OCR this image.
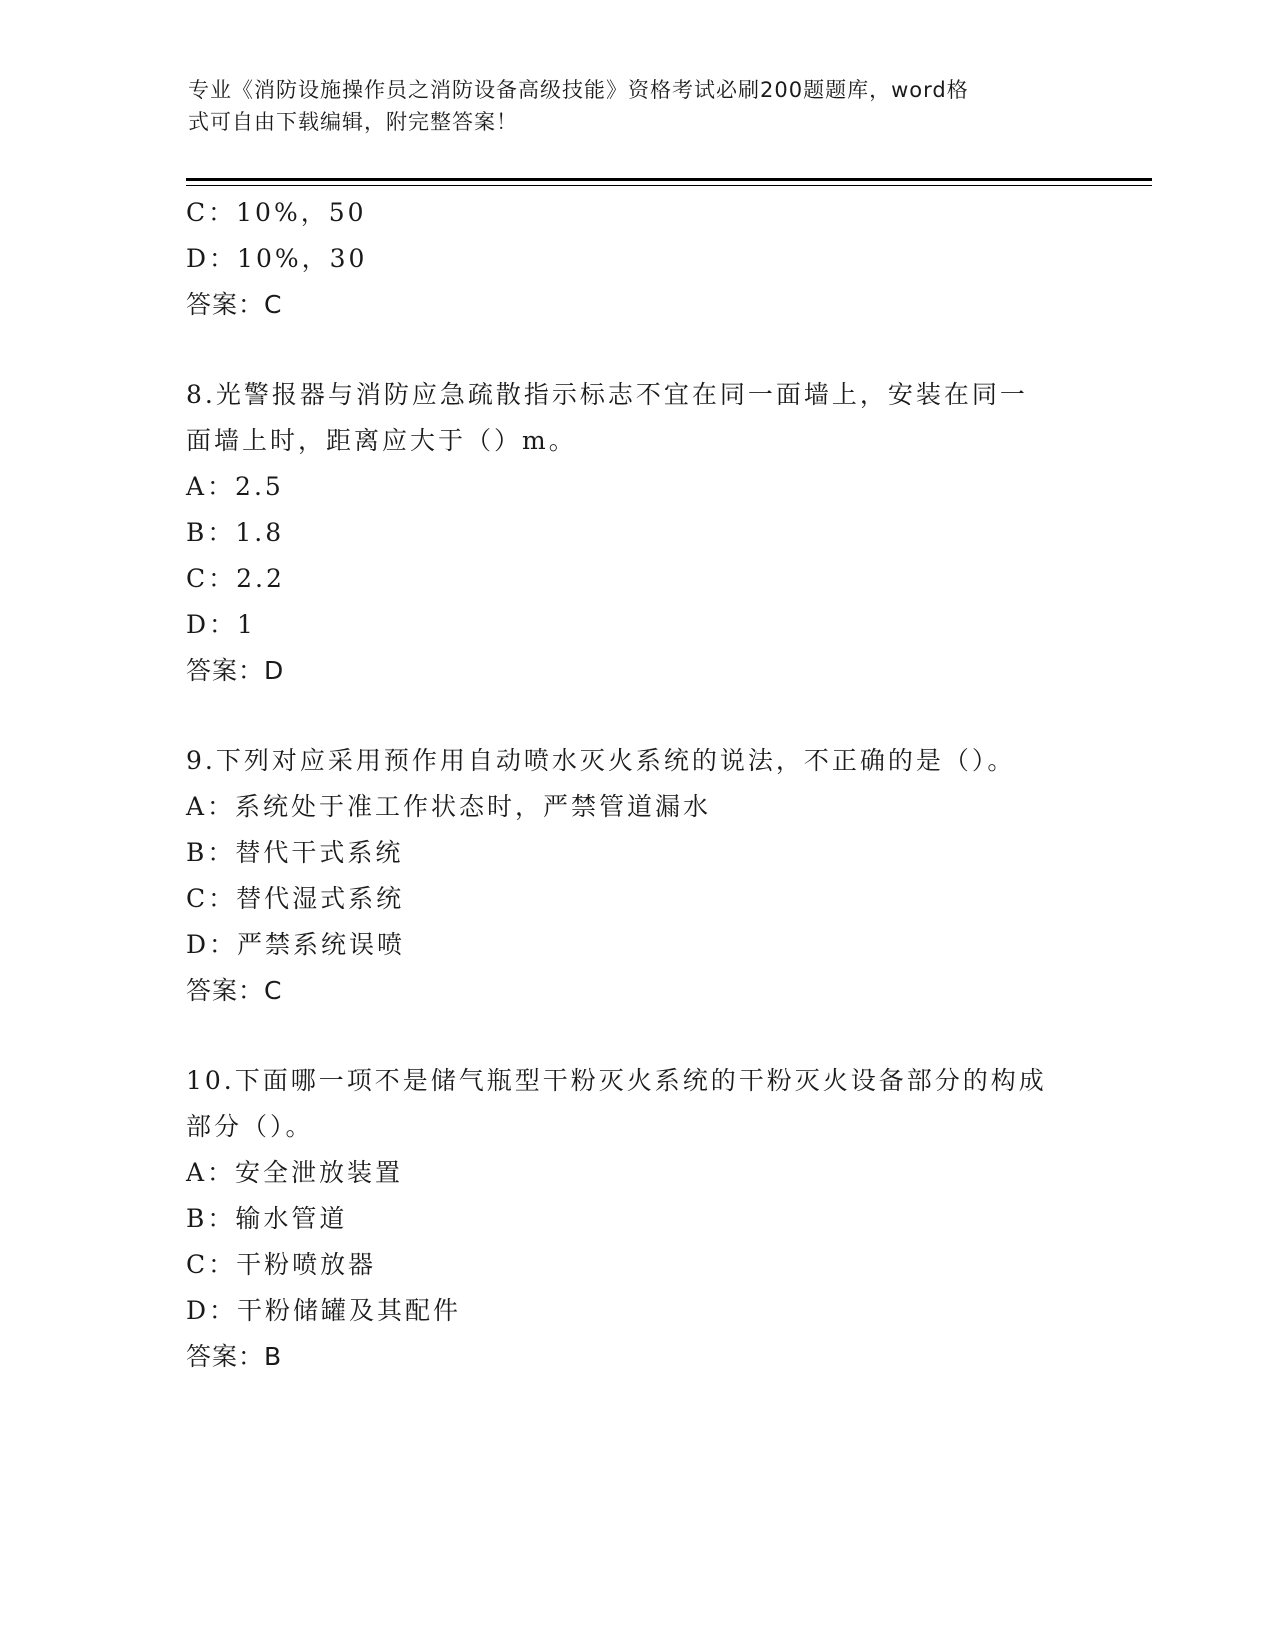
专业《消防设施操作员之消防设备高级技能》资格考试必刷200题题库，word格
式可自由下载编辑，附完整答案！
C：10%，50
D：10%，30
答案：C
8.光警报器与消防应急疏散指示标志不宜在同一面墙上，安装在同一
面墙上时，距离应大于（）m。
A：2.5
B：1.8
C：2.2
D：1
答案：D
9.下列对应采用预作用自动喷水灭火系统的说法，不正确的是（）。
A：系统处于准工作状态时，严禁管道漏水
B：替代干式系统
C：替代湿式系统
D：严禁系统误喷
答案：C
10.下面哪一项不是储气瓶型干粉灭火系统的干粉灭火设备部分的构成
部分（）。
A：安全泄放装置
B：输水管道
C：干粉喷放器
D：干粉储罐及其配件
答案：B
